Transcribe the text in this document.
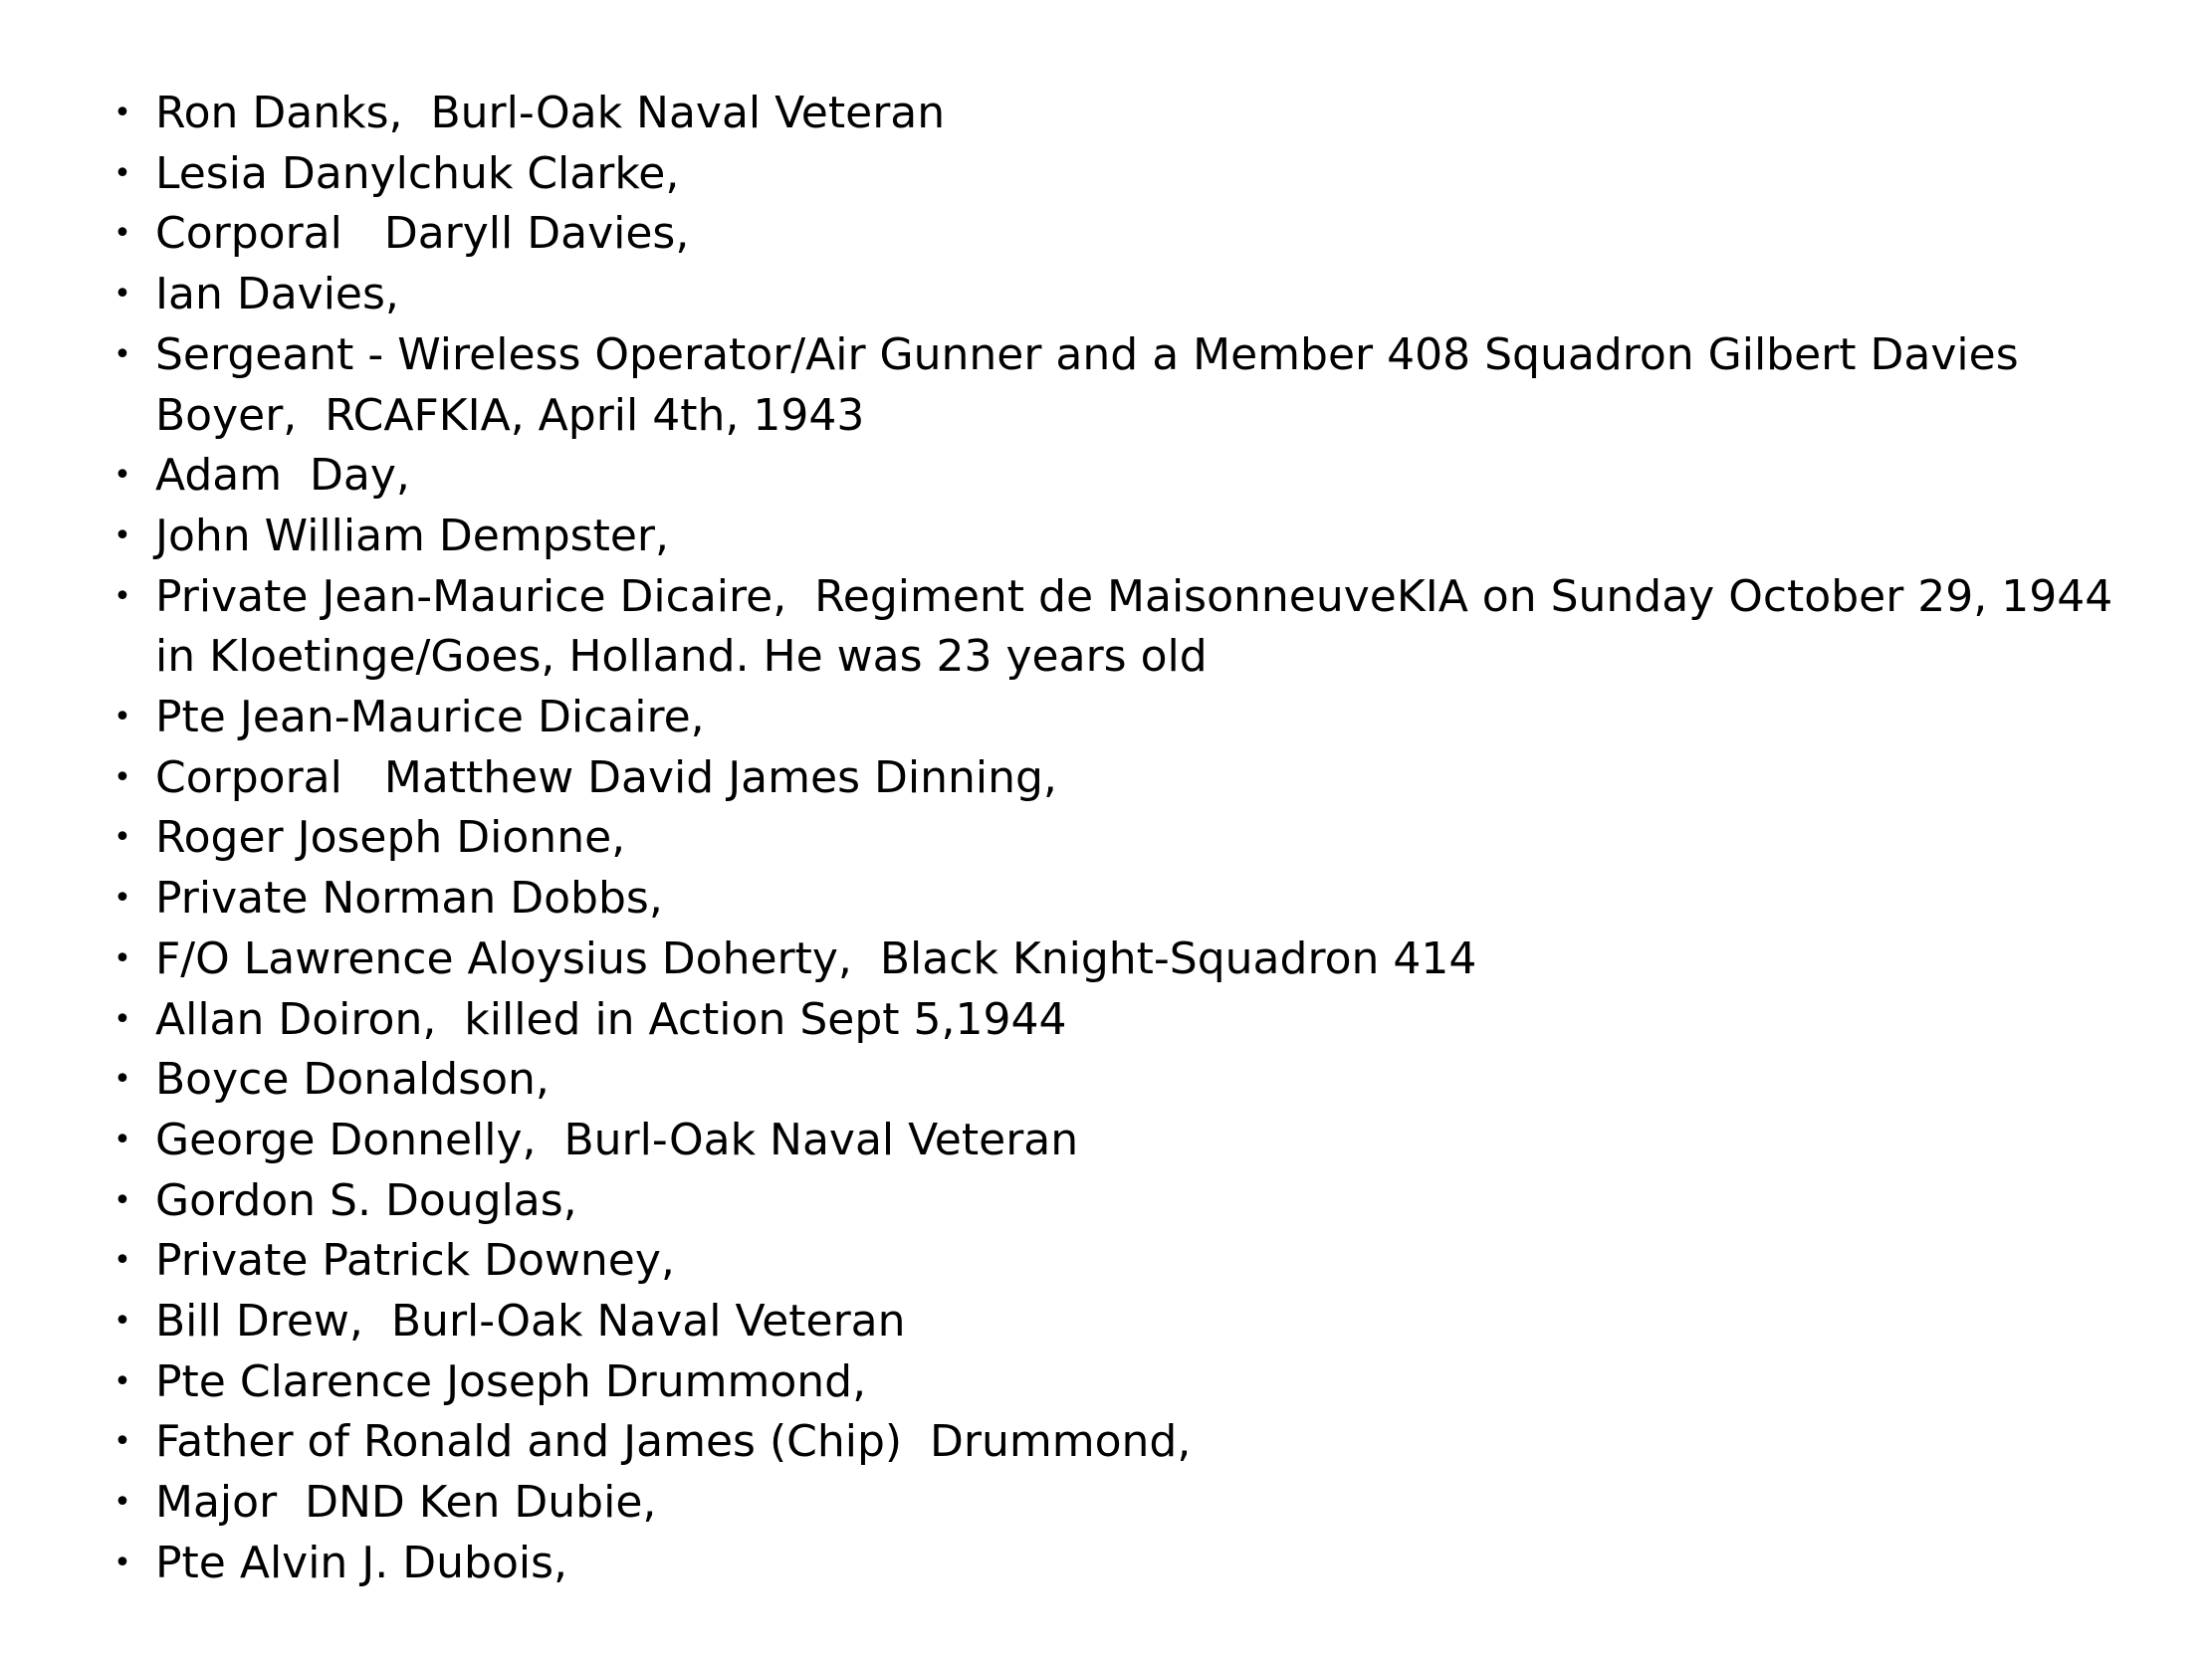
• Ron Danks,  Burl-Oak Naval Veteran
• Lesia Danylchuk Clarke,
• Corporal   Daryll Davies,
• Ian Davies,
• Sergeant - Wireless Operator/Air Gunner and a Member 408 Squadron Gilbert Davies Boyer,  RCAFKIA, April 4th, 1943
• Adam  Day,
• John William Dempster,
• Private Jean-Maurice Dicaire,  Regiment de MaisonneuveKIA on Sunday October 29, 1944 in Kloetinge/Goes, Holland. He was 23 years old
• Pte Jean-Maurice Dicaire,
• Corporal   Matthew David James Dinning,
• Roger Joseph Dionne,
• Private Norman Dobbs,
• F/O Lawrence Aloysius Doherty,  Black Knight-Squadron 414
• Allan Doiron,  killed in Action Sept 5,1944
• Boyce Donaldson,
• George Donnelly,  Burl-Oak Naval Veteran
• Gordon S. Douglas,
• Private Patrick Downey,
• Bill Drew,  Burl-Oak Naval Veteran
• Pte Clarence Joseph Drummond,
• Father of Ronald and James (Chip)  Drummond,
• Major  DND Ken Dubie,
• Pte Alvin J. Dubois,
